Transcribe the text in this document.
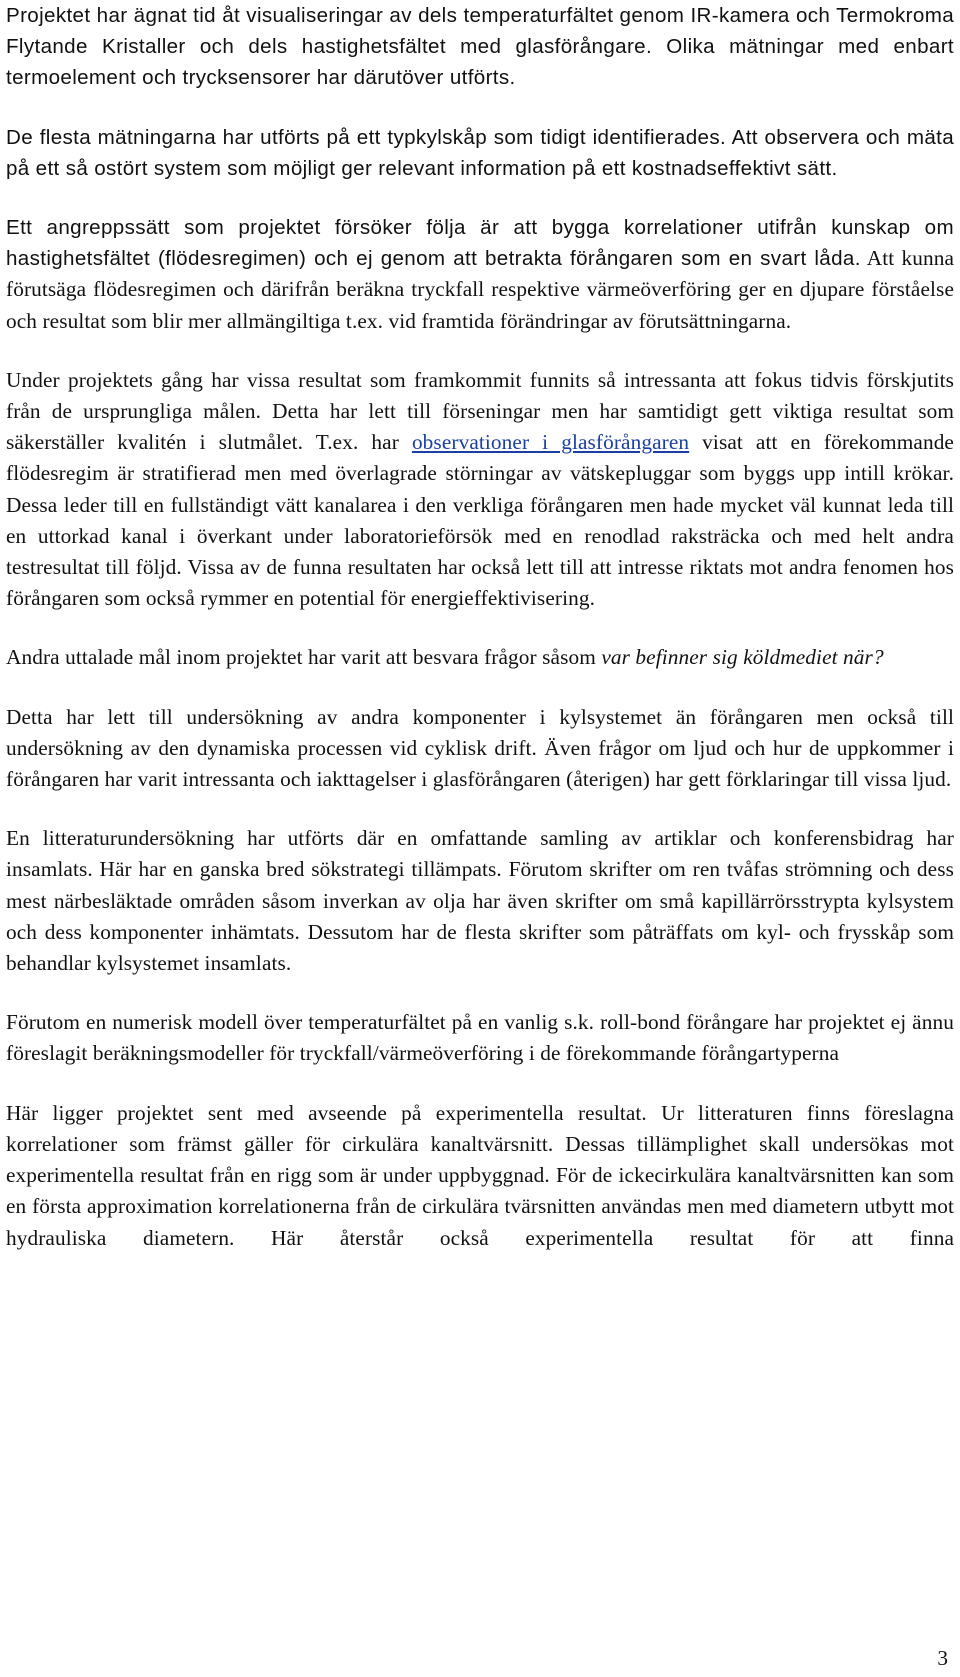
Projektet har ägnat tid åt visualiseringar av dels temperaturfältet genom IR-kamera och Termokroma Flytande Kristaller och dels hastighetsfältet med glasförångare. Olika mätningar med enbart termoelement och trycksensorer har därutöver utförts.

De flesta mätningarna har utförts på ett typkylskåp som tidigt identifierades. Att observera och mäta på ett så ostört system som möjligt ger relevant information på ett kostnadseffektivt sätt.

Ett angreppssätt som projektet försöker följa är att bygga korrelationer utifrån kunskap om hastighetsfältet (flödesregimen) och ej genom att betrakta förångaren som en svart låda. Att kunna förutsäga flödesregimen och därifrån beräkna tryckfall respektive värmeöverföring ger en djupare förståelse och resultat som blir mer allmängiltiga t.ex. vid framtida förändringar av förutsättningarna.

Under projektets gång har vissa resultat som framkommit funnits så intressanta att fokus tidvis förskjutits från de ursprungliga målen. Detta har lett till förseningar men har samtidigt gett viktiga resultat som säkerställer kvalitén i slutmålet. T.ex. har observationer i glasförångaren visat att en förekommande flödesregim är stratifierad men med överlagrade störningar av vätskepluggar som byggs upp intill krökar. Dessa leder till en fullständigt vätt kanalarea i den verkliga förångaren men hade mycket väl kunnat leda till en uttorkad kanal i överkant under laboratorieförsök med en renodlad raksträcka och med helt andra testresultat till följd. Vissa av de funna resultaten har också lett till att intresse riktats mot andra fenomen hos förångaren som också rymmer en potential för energieffektivisering.

Andra uttalade mål inom projektet har varit att besvara frågor såsom var befinner sig köldmediet när?

Detta har lett till undersökning av andra komponenter i kylsystemet än förångaren men också till undersökning av den dynamiska processen vid cyklisk drift. Även frågor om ljud och hur de uppkommer i förångaren har varit intressanta och iakttagelser i glasförångaren (återigen) har gett förklaringar till vissa ljud.

En litteraturundersökning har utförts där en omfattande samling av artiklar och konferensbidrag har insamlats. Här har en ganska bred sökstrategi tillämpats. Förutom skrifter om ren tvåfas strömning och dess mest närbesläktade områden såsom inverkan av olja har även skrifter om små kapillärrörsstrypta kylsystem och dess komponenter inhämtats. Dessutom har de flesta skrifter som påträffats om kyl- och frysskåp som behandlar kylsystemet insamlats.

Förutom en numerisk modell över temperaturfältet på en vanlig s.k. roll-bond förångare har projektet ej ännu föreslagit beräkningsmodeller för tryckfall/värmeöverföring i de förekommande förångartyperna

Här ligger projektet sent med avseende på experimentella resultat. Ur litteraturen finns föreslagna korrelationer som främst gäller för cirkulära kanaltvärsnitt. Dessas tillämplighet skall undersökas mot experimentella resultat från en rigg som är under uppbyggnad. För de ickecirkulära kanaltvärsnitten kan som en första approximation korrelationerna från de cirkulära tvärsnitten användas men med diametern utbytt mot hydrauliska diametern. Här återstår också experimentella resultat för att finna

3
